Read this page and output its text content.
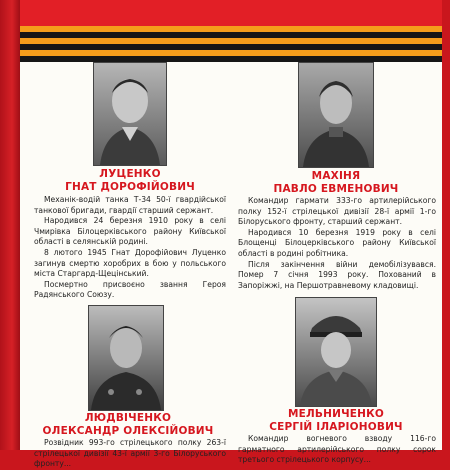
ЛУЦЕНКО
ГНАТ ДОРОФІЙОВИЧ

Механік-водій танка Т-34 50-ї гвардійської танкової бригади, гвардії старший сержант.

Народився 24 березня 1910 року в селі Чмирівка Білоцерківського району Київської області в селянській родині.

8 лютого 1945 Гнат Дорофійович Луценко загинув смертю хоробрих в бою у польського міста Старгард-Щецінський.

Посмертно присвоєно звання Героя Радянського Союзу.

МАХІНЯ
ПАВЛО ЕВМЕНОВИЧ

Командир гармати 333-го артилерійського полку 152-ї стрілецької дивізії 28-ї армії 1-го Білоруського фронту, старший сержант.

Народився 10 березня 1919 року в селі Блощенці Білоцерківського району Київської області в родині робітника.

Після закінчення війни демобілізувався. Помер 7 січня 1993 року. Похований в Запоріжжі, на Першотравневому кладовищі.

ЛЮДВІЧЕНКО
ОЛЕКСАНДР ОЛЕКСІЙОВИЧ

Розвідник 993-го стрілецького полку 263-ї стрілецької дивізії 43-ї армії 3-го Білоруського фронту...

МЕЛЬНИЧЕНКО
СЕРГІЙ ІЛАРІОНОВИЧ

Командир вогневого взводу 116-го гарматного артилерійського полку сорок третього стрілецького корпусу...
